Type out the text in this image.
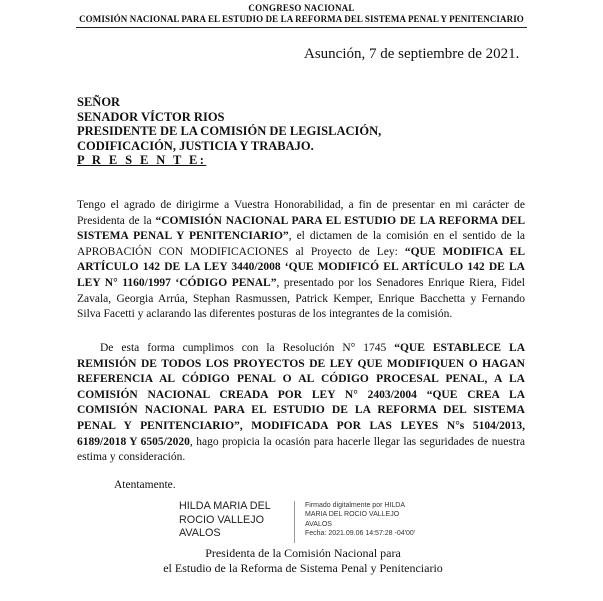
CONGRESO NACIONAL
COMISIÓN NACIONAL PARA EL ESTUDIO DE LA REFORMA DEL SISTEMA PENAL Y PENITENCIARIO
Asunción, 7 de septiembre de 2021.
SEÑOR
SENADOR VÍCTOR RIOS
PRESIDENTE DE LA COMISIÓN DE LEGISLACIÓN,
CODIFICACIÓN, JUSTICIA Y TRABAJO.
P R E S E N T E:
Tengo el agrado de dirigirme a Vuestra Honorabilidad, a fin de presentar en mi carácter de Presidenta de la “COMISIÓN NACIONAL PARA EL ESTUDIO DE LA REFORMA DEL SISTEMA PENAL Y PENITENCIARIO”, el dictamen de la comisión en el sentido de la APROBACIÓN CON MODIFICACIONES al Proyecto de Ley: “QUE MODIFICA EL ARTÍCULO 142 DE LA LEY 3440/2008 ‘QUE MODIFICÓ EL ARTÍCULO 142 DE LA LEY N° 1160/1997 ‘CÓDIGO PENAL”, presentado por los Senadores Enrique Riera, Fidel Zavala, Georgia Arrúa, Stephan Rasmussen, Patrick Kemper, Enrique Bacchetta y Fernando Silva Facetti y aclarando las diferentes posturas de los integrantes de la comisión.
De esta forma cumplimos con la Resolución N° 1745 “QUE ESTABLECE LA REMISIÓN DE TODOS LOS PROYECTOS DE LEY QUE MODIFIQUEN O HAGAN REFERENCIA AL CÓDIGO PENAL O AL CÓDIGO PROCESAL PENAL, A LA COMISIÓN NACIONAL CREADA POR LEY N° 2403/2004 “QUE CREA LA COMISIÓN NACIONAL PARA EL ESTUDIO DE LA REFORMA DEL SISTEMA PENAL Y PENITENCIARIO”, MODIFICADA POR LAS LEYES N°s 5104/2013, 6189/2018 Y 6505/2020, hago propicia la ocasión para hacerle llegar las seguridades de nuestra estima y consideración.
Atentamente.
HILDA MARIA DEL
ROCIO VALLEJO
AVALOS
Firmado digitalmente por HILDA
MARIA DEL ROCIO VALLEJO
AVALOS
Fecha: 2021.09.06 14:57:28 -04'00'
Presidenta de la Comisión Nacional para
el Estudio de la Reforma de Sistema Penal y Penitenciario
